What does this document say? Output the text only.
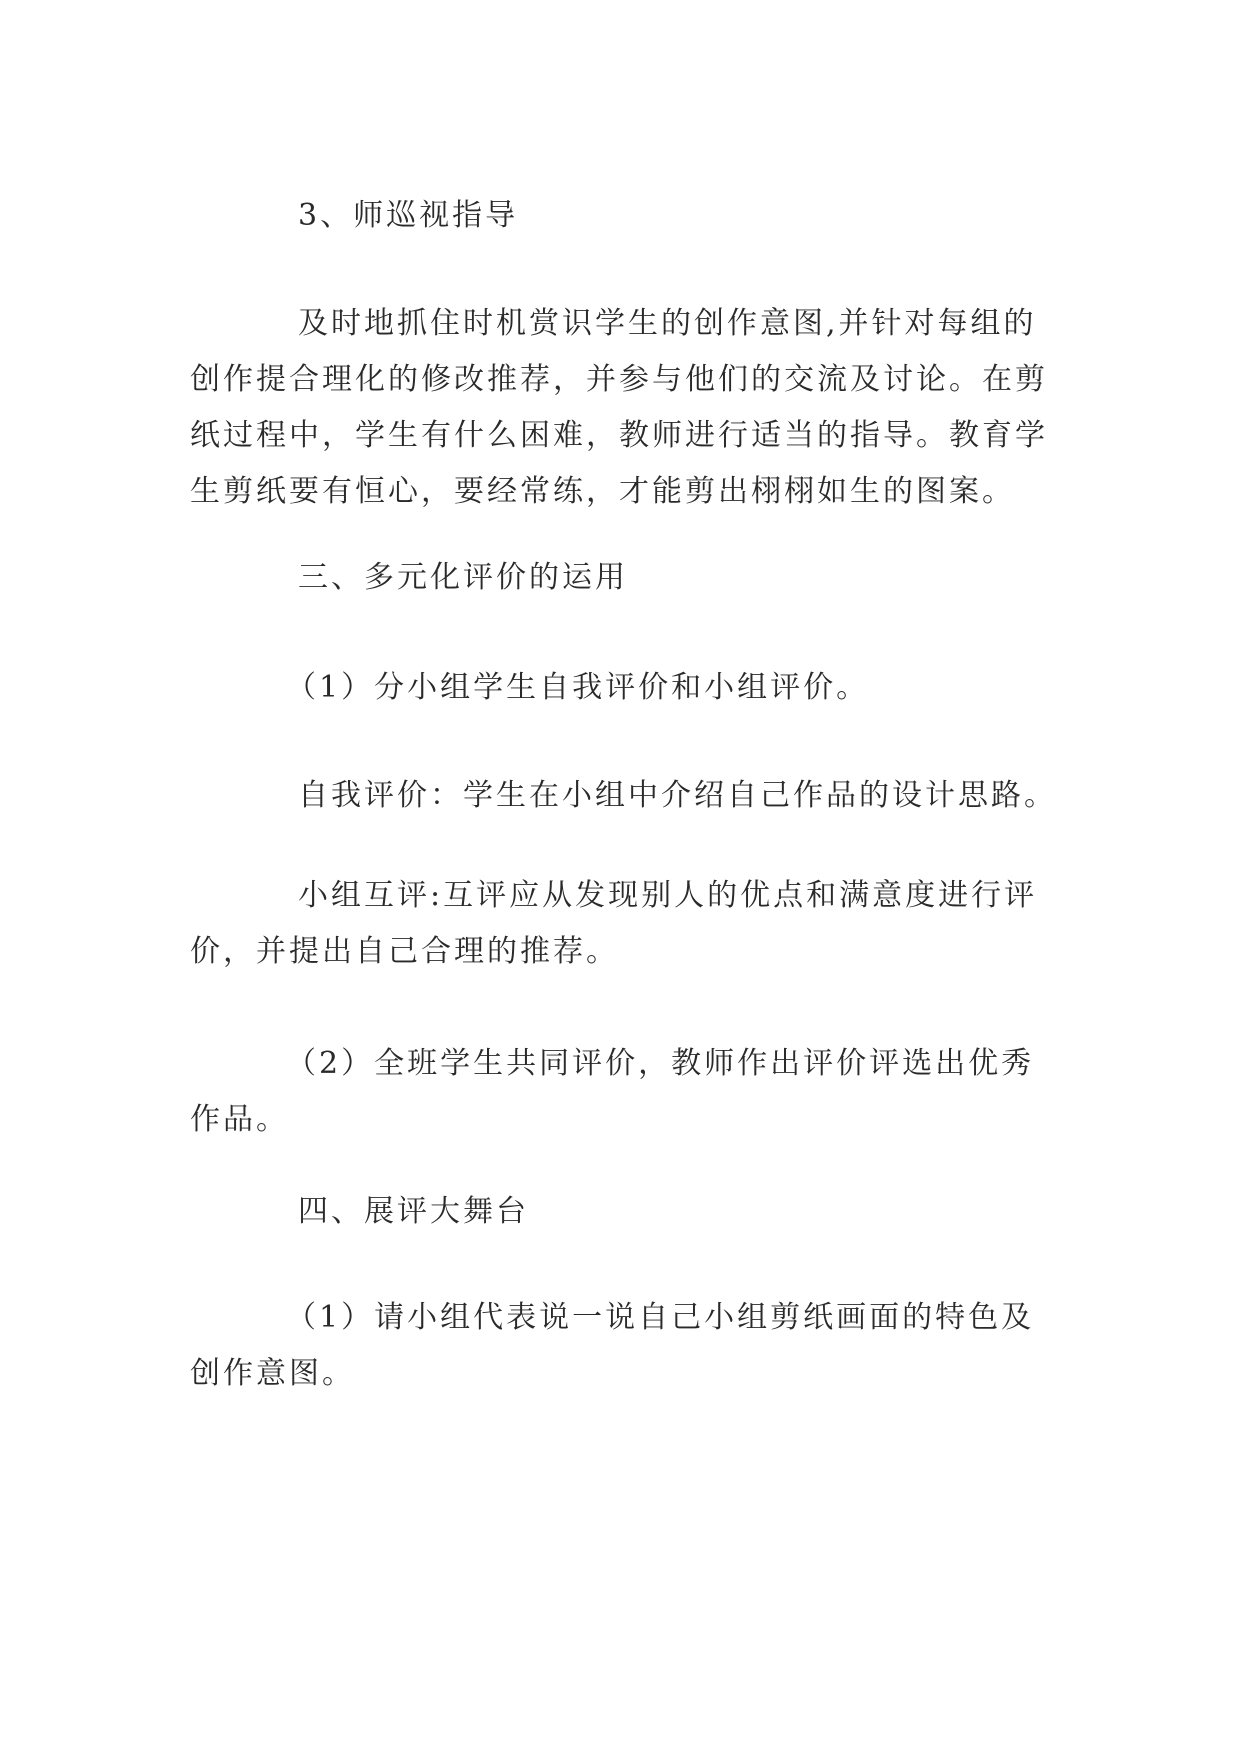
3、师巡视指导

及时地抓住时机赏识学生的创作意图,并针对每组的
创作提合理化的修改推荐，并参与他们的交流及讨论。在剪
纸过程中，学生有什么困难，教师进行适当的指导。教育学
生剪纸要有恒心，要经常练，才能剪出栩栩如生的图案。

三、多元化评价的运用

（1）分小组学生自我评价和小组评价。

自我评价：学生在小组中介绍自己作品的设计思路。

小组互评:互评应从发现别人的优点和满意度进行评
价，并提出自己合理的推荐。

（2）全班学生共同评价，教师作出评价评选出优秀
作品。

四、展评大舞台

（1）请小组代表说一说自己小组剪纸画面的特色及
创作意图。
